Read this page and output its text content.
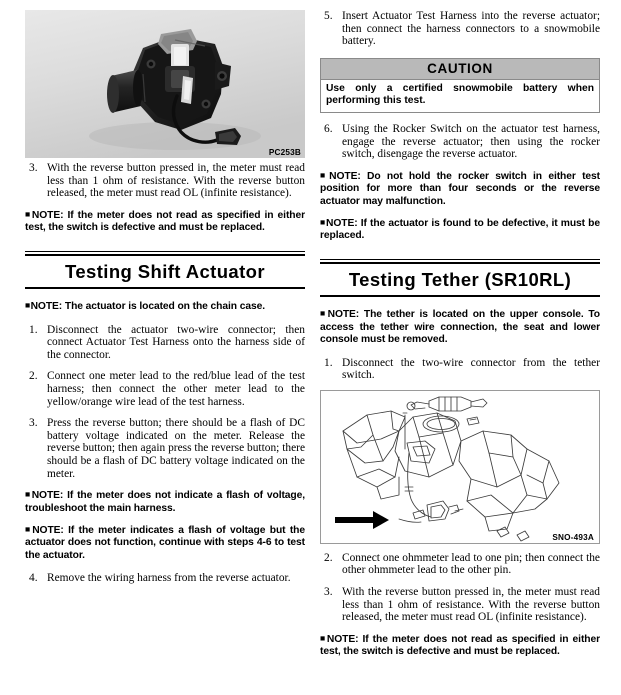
PC253B
3. With the reverse button pressed in, the meter must read less than 1 ohm of resistance. With the reverse button released, the meter must read OL (infinite resistance).

■NOTE: If the meter does not read as specified in either test, the switch is defective and must be replaced.

Testing Shift Actuator

■NOTE: The actuator is located on the chain case.

1. Disconnect the actuator two-wire connector; then connect Actuator Test Harness onto the harness side of the connector.
2. Connect one meter lead to the red/blue lead of the test harness; then connect the other meter lead to the yellow/orange wire lead of the test harness.
3. Press the reverse button; there should be a flash of DC battery voltage indicated on the meter. Release the reverse button; then again press the reverse button; there should be a flash of DC battery voltage indicated on the meter.

■NOTE: If the meter does not indicate a flash of voltage, troubleshoot the main harness.

■NOTE: If the meter indicates a flash of voltage but the actuator does not function, continue with steps 4-6 to test the actuator.

4. Remove the wiring harness from the reverse actuator.
5. Insert Actuator Test Harness into the reverse actuator; then connect the harness connectors to a snowmobile battery.
CAUTION
Use only a certified snowmobile battery when performing this test.
6. Using the Rocker Switch on the actuator test harness, engage the reverse actuator; then using the rocker switch, disengage the reverse actuator.

■NOTE: Do not hold the rocker switch in either test position for more than four seconds or the reverse actuator may malfunction.

■NOTE: If the actuator is found to be defective, it must be replaced.

Testing Tether (SR10RL)

■NOTE: The tether is located on the upper console. To access the tether wire connection, the seat and lower console must be removed.

1. Disconnect the two-wire connector from the tether switch.
SNO-493A
2. Connect one ohmmeter lead to one pin; then connect the other ohmmeter lead to the other pin.
3. With the reverse button pressed in, the meter must read less than 1 ohm of resistance. With the reverse button released, the meter must read OL (infinite resistance).

■NOTE: If the meter does not read as specified in either test, the switch is defective and must be replaced.
